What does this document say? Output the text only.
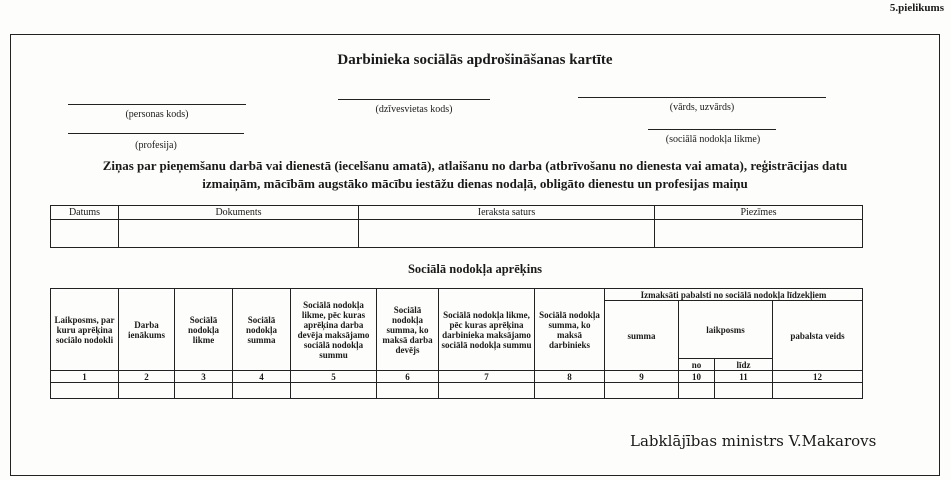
5.pielikums
Darbinieka sociālās apdrošināšanas kartīte
(personas kods)	(dzīvesvietas kods)	(vārds, uzvārds)
(profesija)
(sociālā nodokļa likme)
Ziņas par pieņemšanu darbā vai dienestā (iecelšanu amatā), atlaišanu no darba (atbrīvošanu no dienesta vai amata), reģistrācijas datu
izmaiņām, mācībām augstāko mācību iestāžu dienas nodaļā, obligāto dienestu un profesijas maiņu
Datums	Dokuments	Ieraksta saturs	Piezīmes

Sociālā nodokļa aprēķins
Laikposms, par kuru aprēķina sociālo nodokli	Darba ienākums	Sociālā nodokļa likme	Sociālā nodokļa summa	Sociālā nodokļa likme, pēc kuras aprēķina darba devēja maksājamo sociālā nodokļa summu	Sociālā nodokļa summa, ko maksā darba devējs	Sociālā nodokļa likme, pēc kuras aprēķina darbinieka maksājamo sociālā nodokļa summu	Sociālā nodokļa summa, ko maksā darbinieks	Izmaksāti pabalsti no sociālā nodokļa līdzekļiem			
								summa	laikposms		pabalsta veids
									no	līdz	
1	2	3	4	5	6	7	8	9	10	11	12

Labklājības ministrs V.Makarovs
